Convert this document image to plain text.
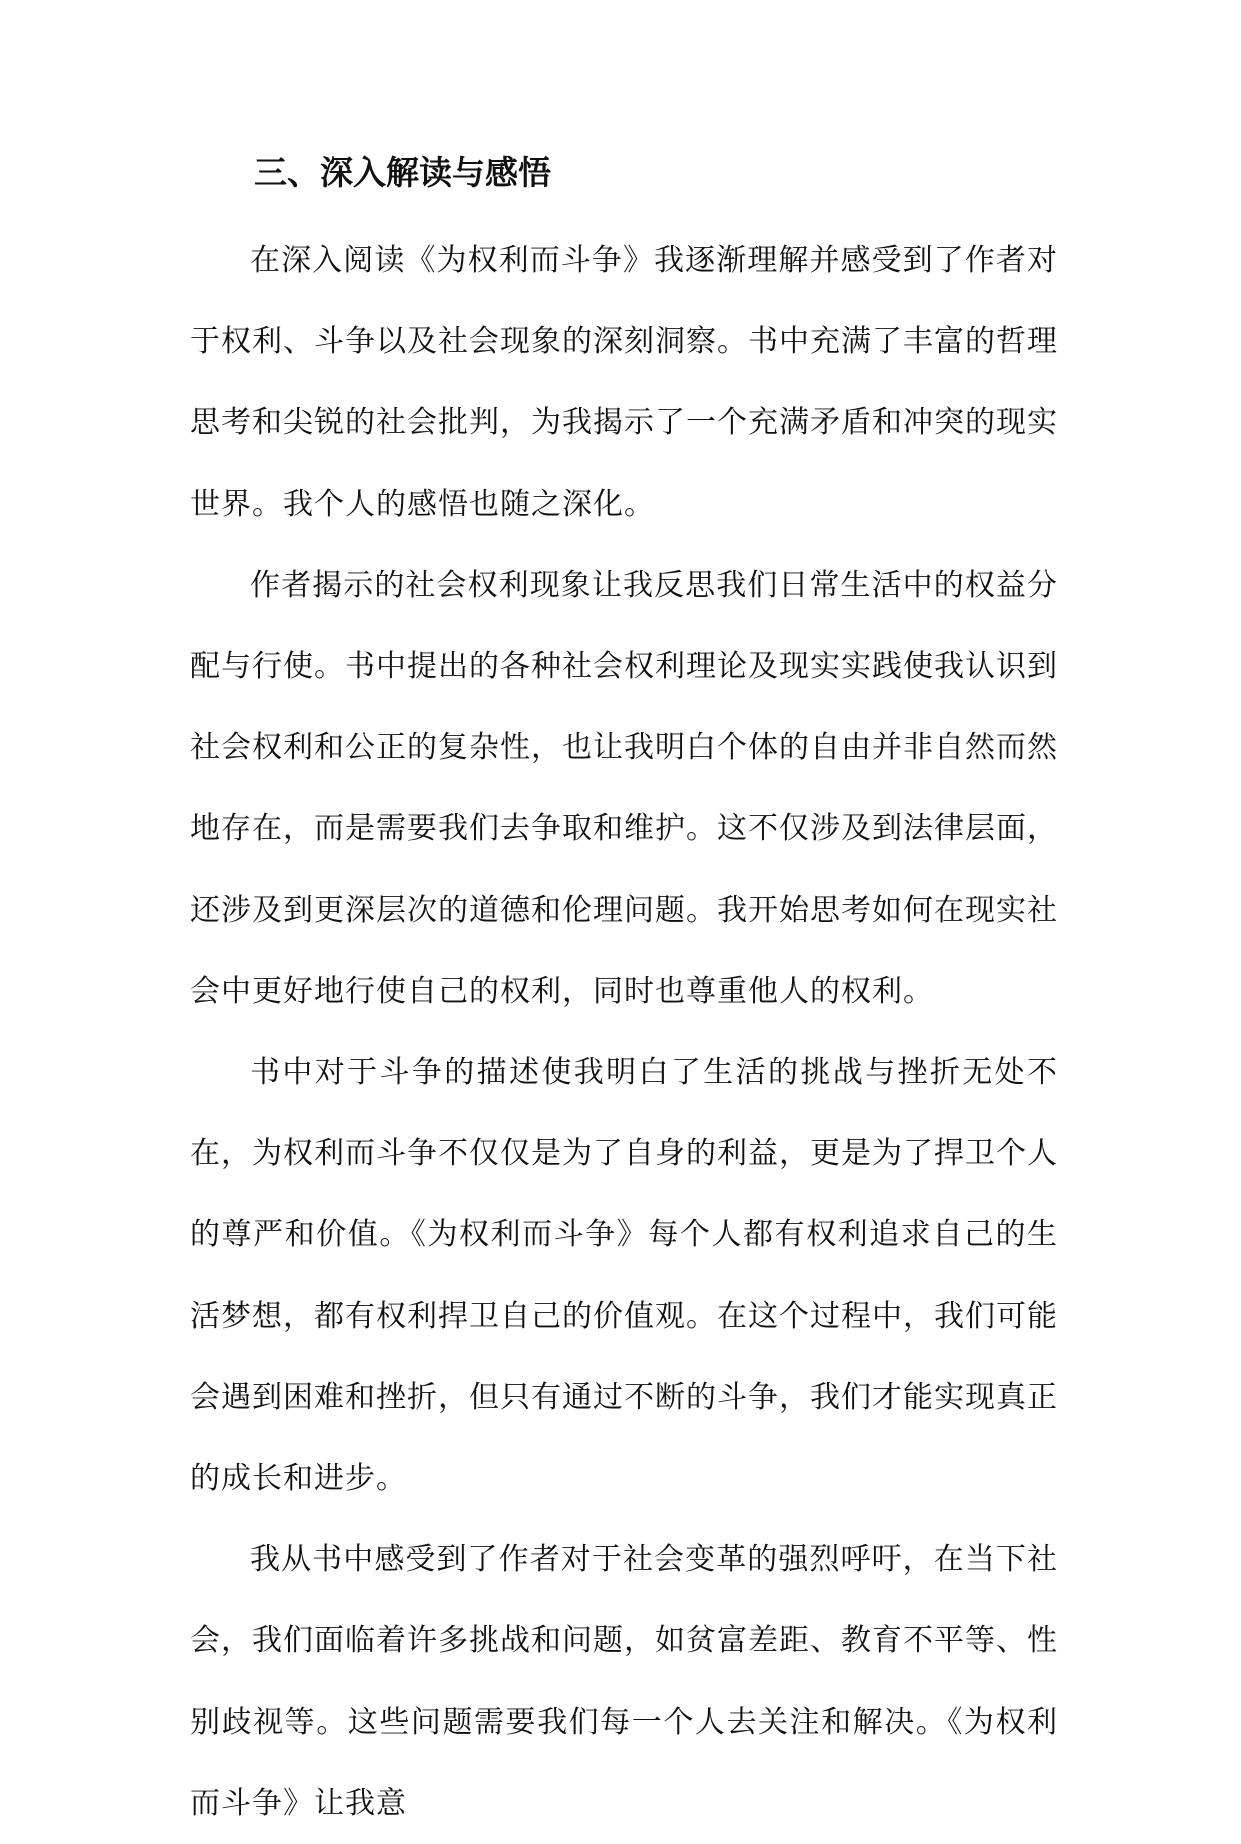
三、深入解读与感悟

在深入阅读《为权利而斗争》我逐渐理解并感受到了作者对于权利、斗争以及社会现象的深刻洞察。书中充满了丰富的哲理思考和尖锐的社会批判，为我揭示了一个充满矛盾和冲突的现实世界。我个人的感悟也随之深化。

作者揭示的社会权利现象让我反思我们日常生活中的权益分配与行使。书中提出的各种社会权利理论及现实实践使我认识到社会权利和公正的复杂性，也让我明白个体的自由并非自然而然地存在，而是需要我们去争取和维护。这不仅涉及到法律层面，还涉及到更深层次的道德和伦理问题。我开始思考如何在现实社会中更好地行使自己的权利，同时也尊重他人的权利。

书中对于斗争的描述使我明白了生活的挑战与挫折无处不在，为权利而斗争不仅仅是为了自身的利益，更是为了捍卫个人的尊严和价值。《为权利而斗争》每个人都有权利追求自己的生活梦想，都有权利捍卫自己的价值观。在这个过程中，我们可能会遇到困难和挫折，但只有通过不断的斗争，我们才能实现真正的成长和进步。

我从书中感受到了作者对于社会变革的强烈呼吁，在当下社会，我们面临着许多挑战和问题，如贫富差距、教育不平等、性别歧视等。这些问题需要我们每一个人去关注和解决。《为权利而斗争》让我意
